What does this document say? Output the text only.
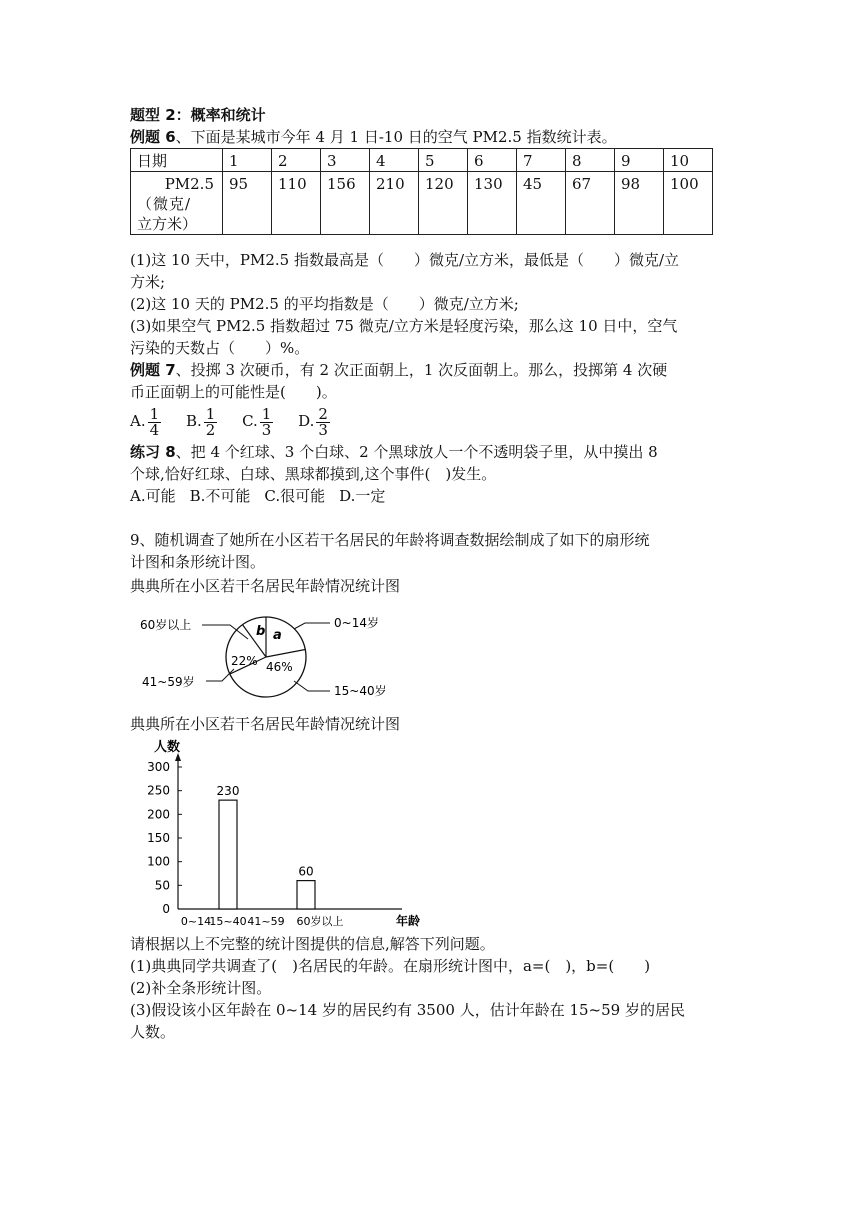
题型 2：概率和统计
例题 6、下面是某城市今年 4 月 1 日-10 日的空气 PM2.5 指数统计表。
日期	1	2	3	4	5	6	7	8	9	10

PM2.5
（微克/
立方米）	95	110	156	210	120	130	45	67	98	100
(1)这 10 天中，PM2.5 指数最高是（　　）微克/立方米，最低是（　　）微克/立
方米;
(2)这 10 天的 PM2.5 的平均指数是（　　）微克/立方米;
(3)如果空气 PM2.5 指数超过 75 微克/立方米是轻度污染，那么这 10 日中，空气
污染的天数占（　　）%。
例题 7、投掷 3 次硬币，有 2 次正面朝上，1 次反面朝上。那么，投掷第 4 次硬
币正面朝上的可能性是(　　)。
A. $\frac{1}{4} B$. $\frac{1}{2} C$. $\frac{1}{3} D$. $\frac{2}{3}$
练习 8、把 4 个红球、3 个白球、2 个黑球放人一个不透明袋子里，从中摸出 8
个球,恰好红球、白球、黑球都摸到,这个事件(　)发生。
A.可能 B.不可能 C.很可能 D.一定
9、随机调查了她所在小区若干名居民的年龄将调查数据绘制成了如下的扇形统
计图和条形统计图。
典典所在小区若干名居民年龄情况统计图
a
b
22% 46%
60岁以上	0~14岁
41~59岁
15~40岁
典典所在小区若干名居民年龄情况统计图
人数
0
50
100
150
200
250
300
230
60
0~14
15~40 41~59 60岁以上	年龄
请根据以上不完整的统计图提供的信息,解答下列问题。
(1)典典同学共调查了(　)名居民的年龄。在扇形统计图中，a=(　)，b=(　　)
(2)补全条形统计图。
(3)假设该小区年龄在 0~14 岁的居民约有 3500 人，估计年龄在 15~59 岁的居民
人数。
